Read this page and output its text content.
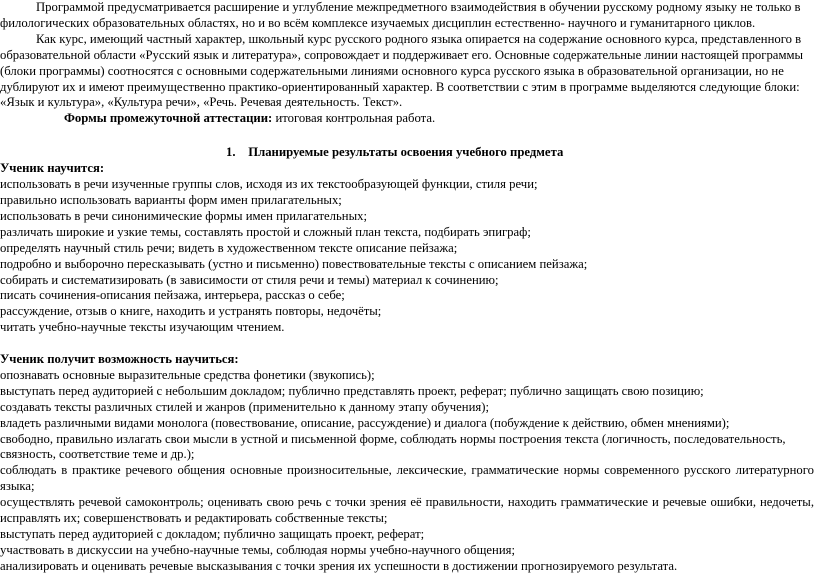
Программой предусматривается расширение и углубление межпредметного взаимодействия в обучении русскому родному языку не только в филологических образовательных областях, но и во всём комплексе изучаемых дисциплин естественно- научного и гуманитарного циклов.

Как курс, имеющий частный характер, школьный курс русского родного языка опирается на содержание основного курса, представленного в образовательной области «Русский язык и литература», сопровождает и поддерживает его. Основные содержательные линии настоящей программы (блоки программы) соотносятся с основными содержательными линиями основного курса русского языка в образовательной организации, но не дублируют их и имеют преимущественно практико-ориентированный характер. В соответствии с этим в программе выделяются следующие блоки: «Язык и культура», «Культура речи», «Речь. Речевая деятельность. Текст».

Формы промежуточной аттестации: итоговая контрольная работа.

1. Планируемые результаты освоения учебного предмета

Ученик научится:

использовать в речи изученные группы слов, исходя из их текстообразующей функции, стиля речи;

правильно использовать варианты форм имен прилагательных;

использовать в речи синонимические формы имен прилагательных;

различать широкие и узкие темы, составлять простой и сложный план текста, подбирать эпиграф;

определять научный стиль речи; видеть в художественном тексте описание пейзажа;

подробно и выборочно пересказывать (устно и письменно) повествовательные тексты с описанием пейзажа;

собирать и систематизировать (в зависимости от стиля речи и темы) материал к сочинению;

писать сочинения-описания пейзажа, интерьера, рассказ о себе;

рассуждение, отзыв о книге, находить и устранять повторы, недочёты;

читать учебно-научные тексты изучающим чтением.

Ученик получит возможность научиться:

опознавать основные выразительные средства фонетики (звукопись);

выступать перед аудиторией с небольшим докладом; публично представлять проект, реферат; публично защищать свою позицию;

создавать тексты различных стилей и жанров (применительно к данному этапу обучения);

владеть различными видами монолога (повествование, описание, рассуждение) и диалога (побуждение к действию, обмен мнениями);

свободно, правильно излагать свои мысли в устной и письменной форме, соблюдать нормы построения текста (логичность, последовательность, связность, соответствие теме и др.);

соблюдать в практике речевого общения основные произносительные, лексические, грамматические нормы современного русского литературного языка;

осуществлять речевой самоконтроль; оценивать свою речь с точки зрения её правильности, находить грамматические и речевые ошибки, недочеты, исправлять их; совершенствовать и редактировать собственные тексты;

выступать перед аудиторией с докладом; публично защищать проект, реферат;

участвовать в дискуссии на учебно-научные темы, соблюдая нормы учебно-научного общения;

анализировать и оценивать речевые высказывания с точки зрения их успешности в достижении прогнозируемого результата.
